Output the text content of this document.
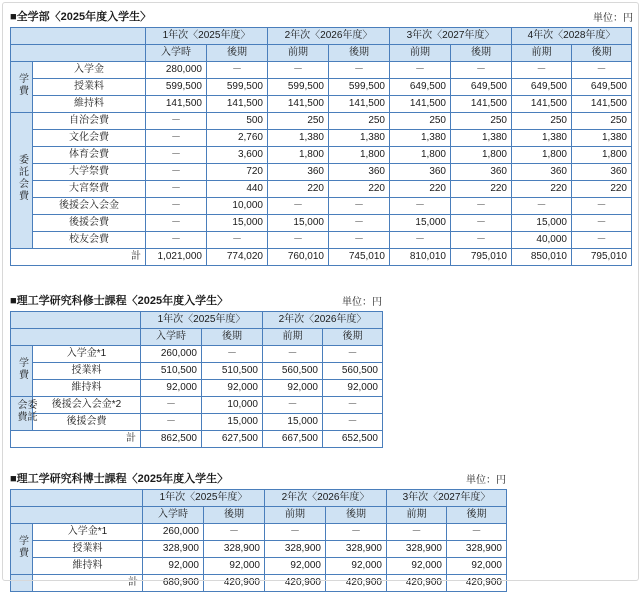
■全学部〈2025年度入学生〉	単位：円
		1年次〈2025年度〉		2年次〈2026年度〉		3年次〈2027年度〉		4年次〈2028年度〉	
		入学時	後期	前期	後期	前期	後期	前期	後期
学費	入学金	280,000	－	－	－	－	－	－	－
	授業料	599,500	599,500	599,500	599,500	649,500	649,500	649,500	649,500
	維持料	141,500	141,500	141,500	141,500	141,500	141,500	141,500	141,500
委託会費	自治会費	－	500	250	250	250	250	250	250
	文化会費	－	2,760	1,380	1,380	1,380	1,380	1,380	1,380
	体育会費	－	3,600	1,800	1,800	1,800	1,800	1,800	1,800
	大学祭費	－	720	360	360	360	360	360	360
	大宮祭費	－	440	220	220	220	220	220	220
	後援会入会金	－	10,000	－	－	－	－	－	－
	後援会費	－	15,000	15,000	－	15,000	－	15,000	－
	校友会費	－	－	－	－	－	－	40,000	－
計		1,021,000	774,020	760,010	745,010	810,010	795,010	850,010	795,010
■理工学研究科修士課程〈2025年度入学生〉	単位：円
		1年次〈2025年度〉		2年次〈2026年度〉	
		入学時	後期	前期	後期
学費	入学金*1	260,000	－	－	－
	授業料	510,500	510,500	560,500	560,500
	維持料	92,000	92,000	92,000	92,000
委託会費	後援会入会金*2	－	10,000	－	－
	後援会費	－	15,000	15,000	－
計		862,500	627,500	667,500	652,500
■理工学研究科博士課程〈2025年度入学生〉	単位：円
		1年次〈2025年度〉		2年次〈2026年度〉		3年次〈2027年度〉	
		入学時	後期	前期	後期	前期	後期
学費	入学金*1	260,000	－	－	－	－	－
	授業料	328,900	328,900	328,900	328,900	328,900	328,900
	維持料	92,000	92,000	92,000	92,000	92,000	92,000
	計	680,900	420,900	420,900	420,900	420,900	420,900
